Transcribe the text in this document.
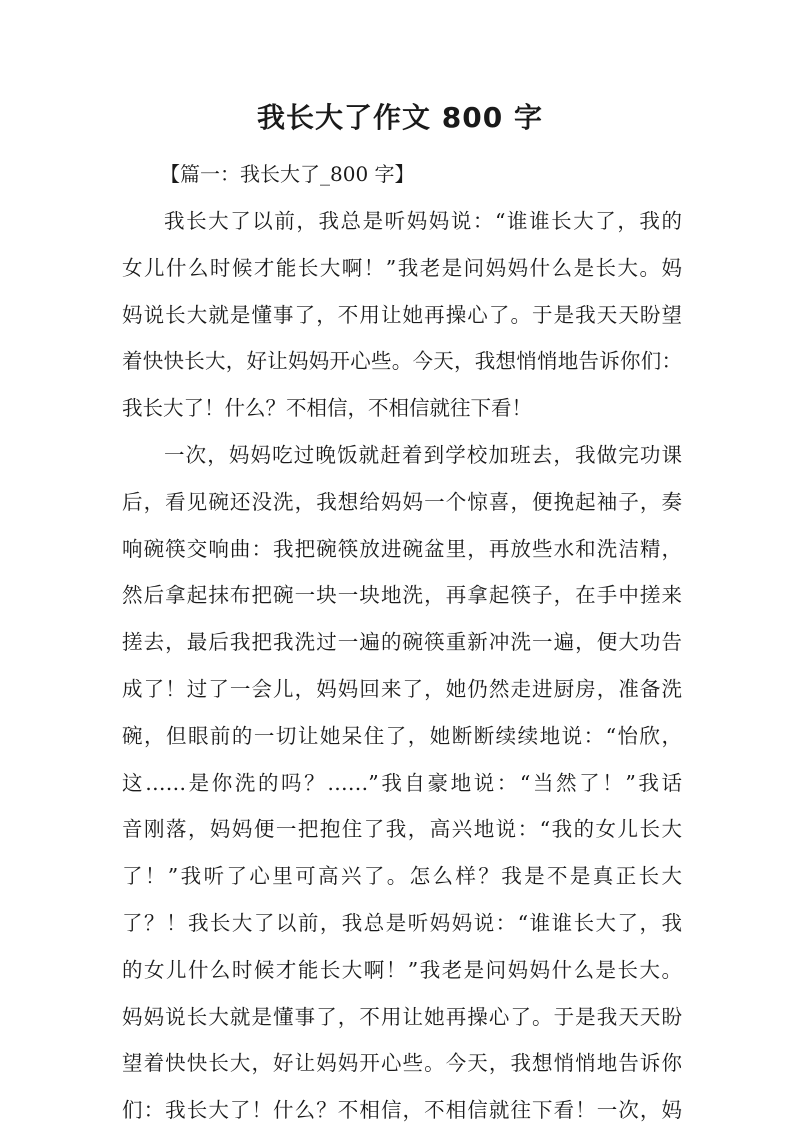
我长大了作文 800 字
【篇一：我长大了_800 字】
我长大了以前，我总是听妈妈说：“谁谁长大了，我的
女儿什么时候才能长大啊！”我老是问妈妈什么是长大。妈
妈说长大就是懂事了，不用让她再操心了。于是我天天盼望
着快快长大，好让妈妈开心些。今天，我想悄悄地告诉你们：
我长大了！什么？不相信，不相信就往下看！
一次，妈妈吃过晚饭就赶着到学校加班去，我做完功课
后，看见碗还没洗，我想给妈妈一个惊喜，便挽起袖子，奏
响碗筷交响曲：我把碗筷放进碗盆里，再放些水和洗洁精，
然后拿起抹布把碗一块一块地洗，再拿起筷子，在手中搓来
搓去，最后我把我洗过一遍的碗筷重新冲洗一遍，便大功告
成了！过了一会儿，妈妈回来了，她仍然走进厨房，准备洗
碗，但眼前的一切让她呆住了，她断断续续地说：“怡欣，
这……是你洗的吗？……”我自豪地说：“当然了！”我话
音刚落，妈妈便一把抱住了我，高兴地说：“我的女儿长大
了！”我听了心里可高兴了。怎么样？我是不是真正长大
了？！我长大了以前，我总是听妈妈说：“谁谁长大了，我
的女儿什么时候才能长大啊！”我老是问妈妈什么是长大。
妈妈说长大就是懂事了，不用让她再操心了。于是我天天盼
望着快快长大，好让妈妈开心些。今天，我想悄悄地告诉你
们：我长大了！什么？不相信，不相信就往下看！一次，妈
